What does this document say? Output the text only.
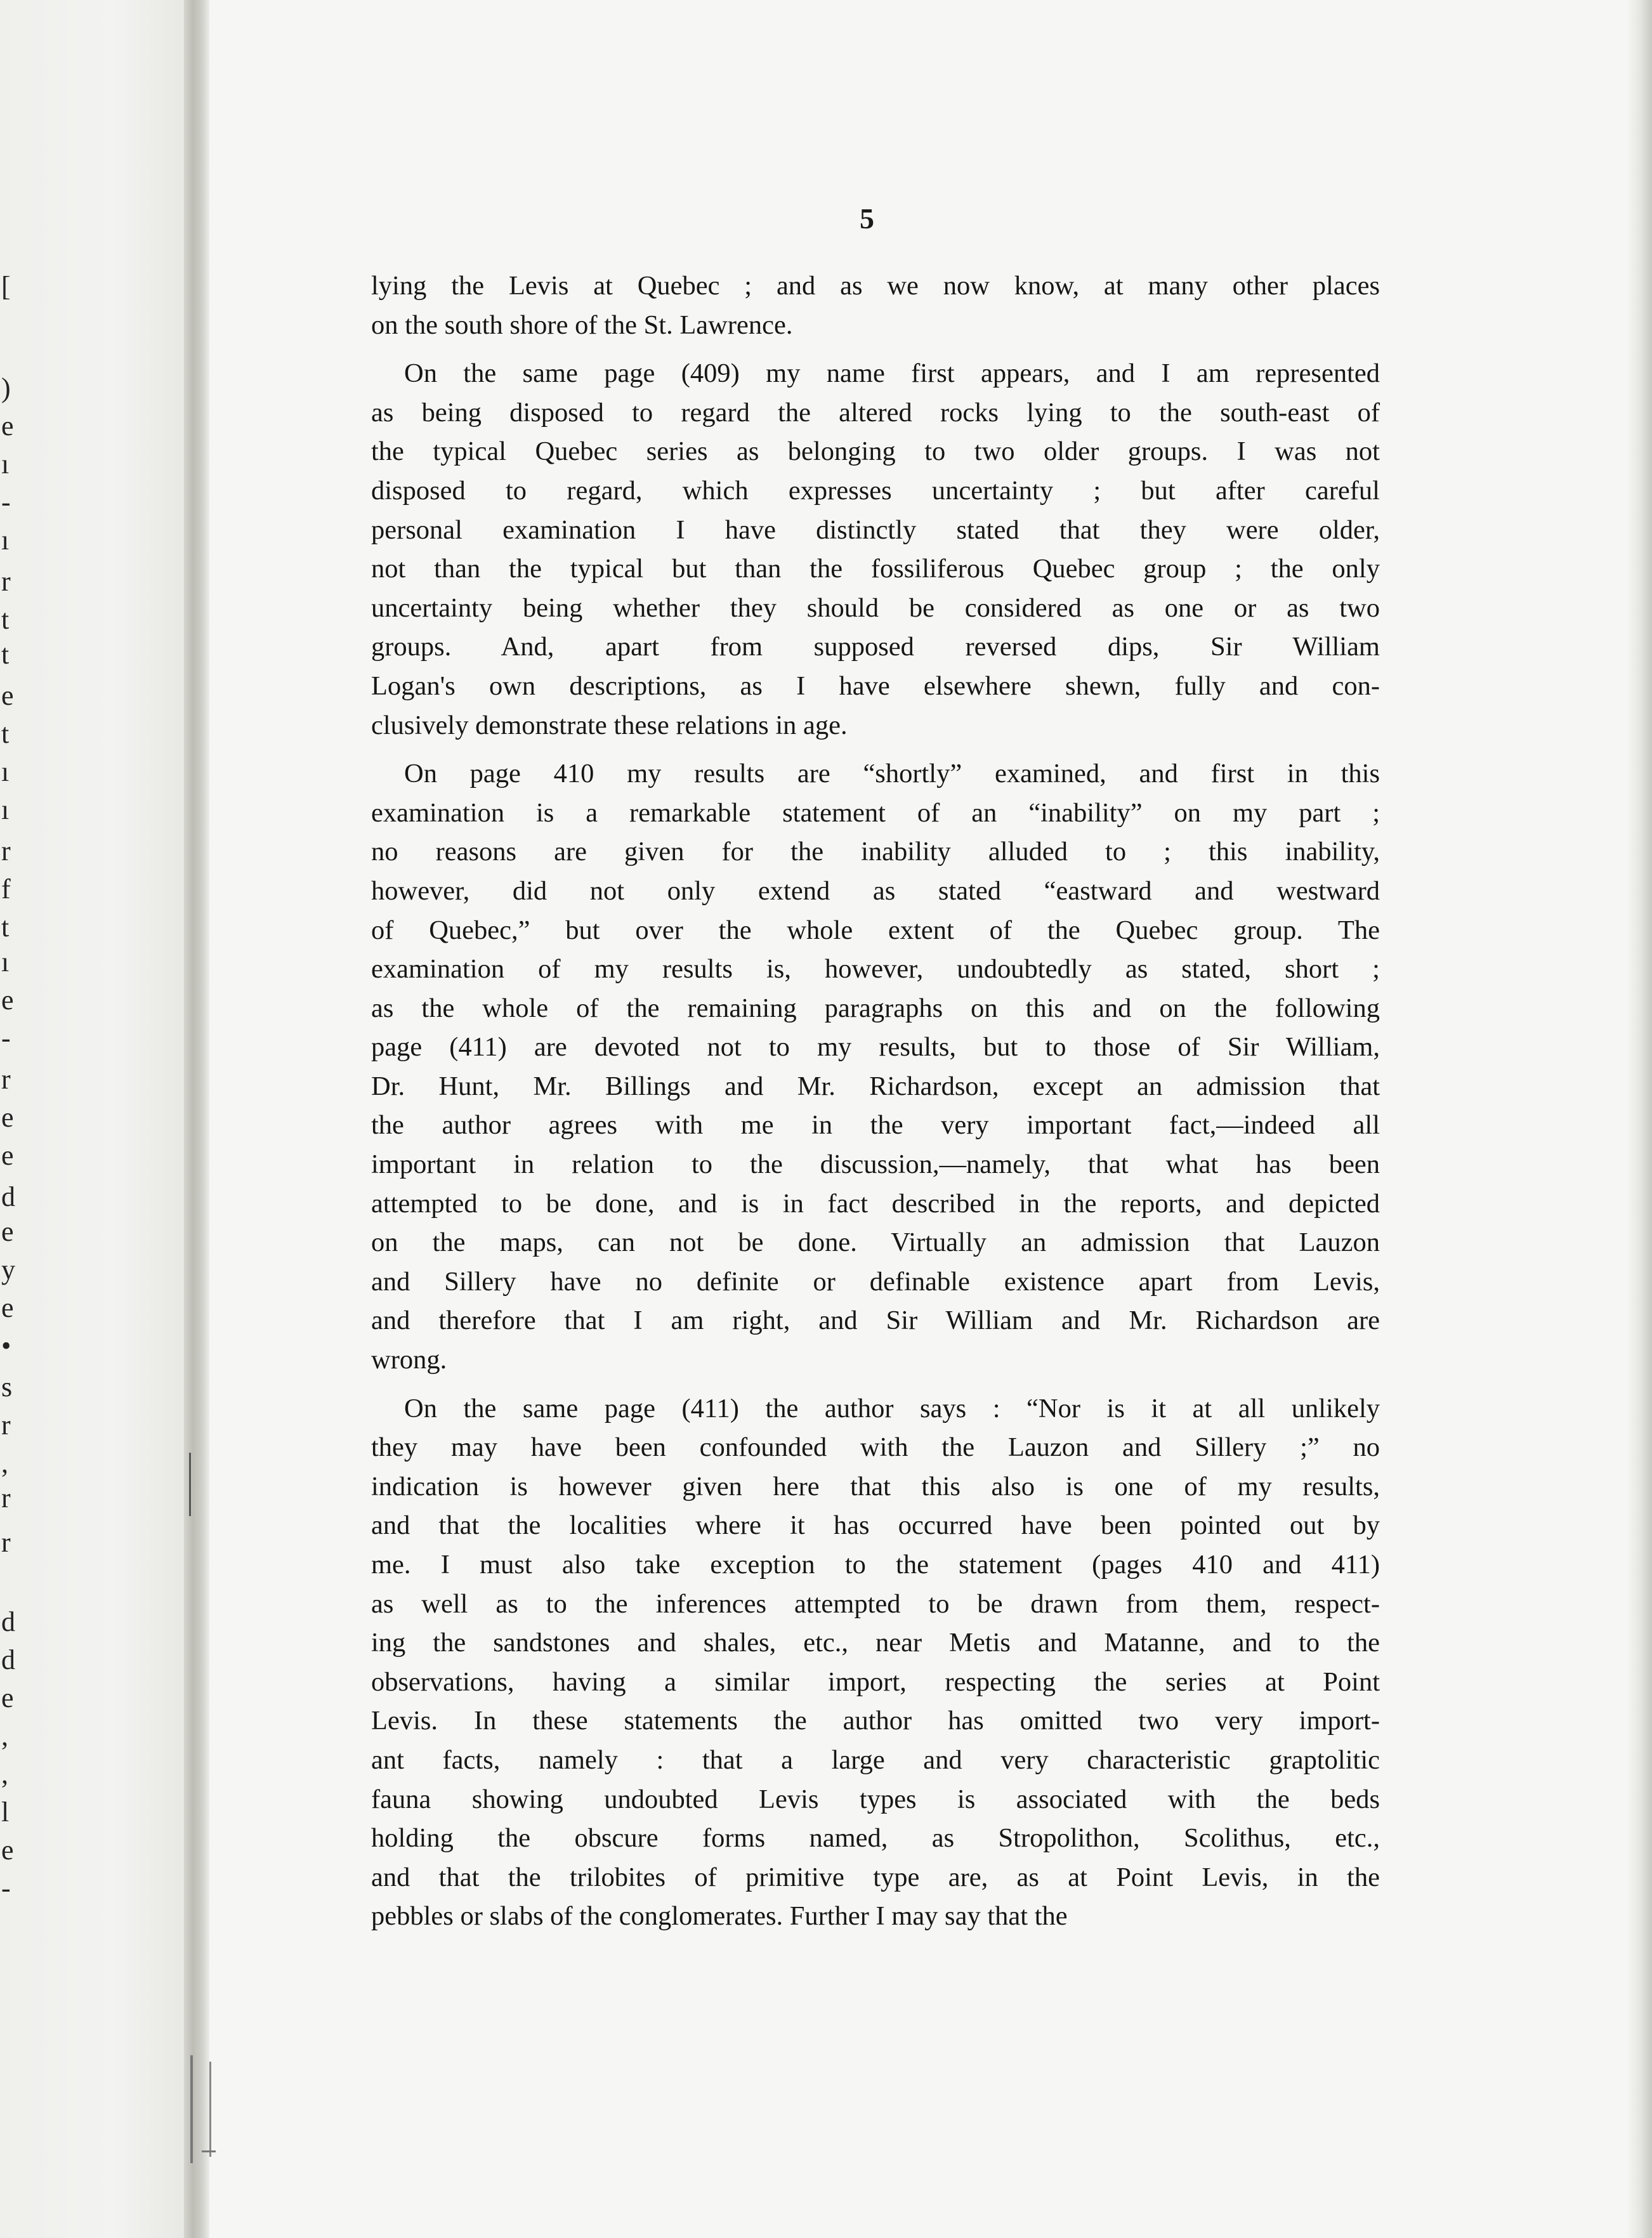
[
)
e
ı
-
ı
r
t
t
e
t
ı
ı
r
f
t
ı
e
-
r
e
e
d
e
y
e
•
s
r
,
r
r
d
d
e
,
,
l
e
-
5
lying the Levis at Quebec ; and as we now know, at many other places
on the south shore of the St. Lawrence.
On the same page (409) my name first appears, and I am represented
as being disposed to regard the altered rocks lying to the south-east of
the typical Quebec series as belonging to two older groups. I was not
disposed to regard, which expresses uncertainty ; but after careful
personal examination I have distinctly stated that they were older,
not than the typical but than the fossiliferous Quebec group ; the only
uncertainty being whether they should be considered as one or as two
groups. And, apart from supposed reversed dips, Sir William
Logan's own descriptions, as I have elsewhere shewn, fully and con-
clusively demonstrate these relations in age.
On page 410 my results are “shortly” examined, and first in this
examination is a remarkable statement of an “inability” on my part ;
no reasons are given for the inability alluded to ; this inability,
however, did not only extend as stated “eastward and westward
of Quebec,” but over the whole extent of the Quebec group. The
examination of my results is, however, undoubtedly as stated, short ;
as the whole of the remaining paragraphs on this and on the following
page (411) are devoted not to my results, but to those of Sir William,
Dr. Hunt, Mr. Billings and Mr. Richardson, except an admission that
the author agrees with me in the very important fact,—indeed all
important in relation to the discussion,—namely, that what has been
attempted to be done, and is in fact described in the reports, and depicted
on the maps, can not be done. Virtually an admission that Lauzon
and Sillery have no definite or definable existence apart from Levis,
and therefore that I am right, and Sir William and Mr. Richardson are
wrong.
On the same page (411) the author says : “Nor is it at all unlikely
they may have been confounded with the Lauzon and Sillery ;” no
indication is however given here that this also is one of my results,
and that the localities where it has occurred have been pointed out by
me. I must also take exception to the statement (pages 410 and 411)
as well as to the inferences attempted to be drawn from them, respect-
ing the sandstones and shales, etc., near Metis and Matanne, and to the
observations, having a similar import, respecting the series at Point
Levis. In these statements the author has omitted two very import-
ant facts, namely : that a large and very characteristic graptolitic
fauna showing undoubted Levis types is associated with the beds
holding the obscure forms named, as Stropolithon, Scolithus, etc.,
and that the trilobites of primitive type are, as at Point Levis, in the
pebbles or slabs of the conglomerates. Further I may say that the
